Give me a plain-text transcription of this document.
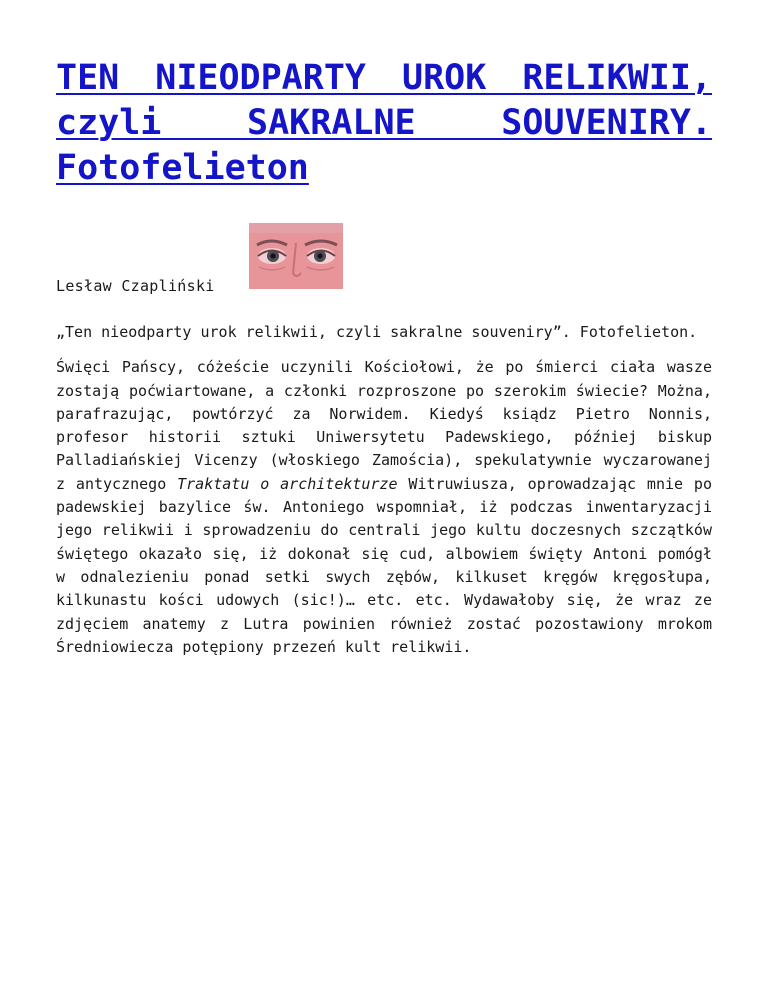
TEN NIEODPARTY UROK RELIKWII, czyli SAKRALNE SOUVENIRY. Fotofelieton
Lesław Czapliński

„Ten nieodparty urok relikwii, czyli sakralne souveniry”. Fotofelieton.

Święci Pańscy, cóżeście uczynili Kościołowi, że po śmierci ciała wasze zostają poćwiartowane, a członki rozproszone po szerokim świecie? Można, parafrazując, powtórzyć za Norwidem. Kiedyś ksiądz Pietro Nonnis, profesor historii sztuki Uniwersytetu Padewskiego, później biskup Palladiańskiej Vicenzy (włoskiego Zamościa), spekulatywnie wyczarowanej z antycznego Traktatu o architekturze Witruwiusza, oprowadzając mnie po padewskiej bazylice św. Antoniego wspomniał, iż podczas inwentaryzacji jego relikwii i sprowadzeniu do centrali jego kultu doczesnych szczątków świętego okazało się, iż dokonał się cud, albowiem święty Antoni pomógł w odnalezieniu ponad setki swych zębów, kilkuset kręgów kręgosłupa, kilkunastu kości udowych (sic!)… etc. etc. Wydawałoby się, że wraz ze zdjęciem anatemy z Lutra powinien również zostać pozostawiony mrokom Średniowiecza potępiony przezeń kult relikwii.
